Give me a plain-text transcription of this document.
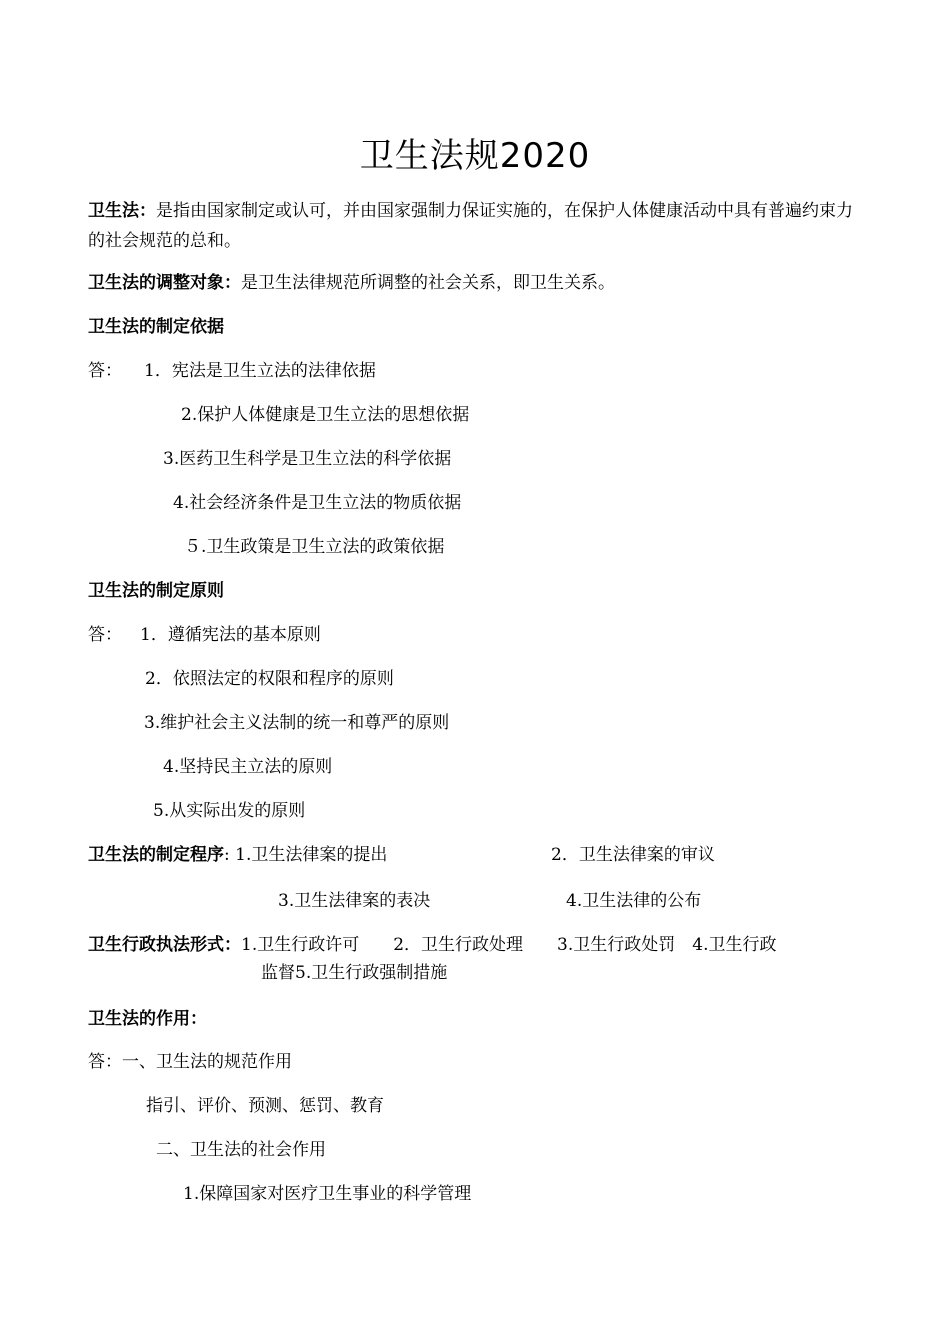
卫生法规2020
卫生法：是指由国家制定或认可，并由国家强制力保证实施的，在保护人体健康活动中具有普遍约束力的社会规范的总和。
卫生法的调整对象：是卫生法律规范所调整的社会关系，即卫生关系。
卫生法的制定依据
答： 1．宪法是卫生立法的法律依据
2.保护人体健康是卫生立法的思想依据
3.医药卫生科学是卫生立法的科学依据
4.社会经济条件是卫生立法的物质依据
５.卫生政策是卫生立法的政策依据
卫生法的制定原则
答： 1．遵循宪法的基本原则
2．依照法定的权限和程序的原则
3.维护社会主义法制的统一和尊严的原则
4.坚持民主立法的原则
5.从实际出发的原则
卫生法的制定程序: 1.卫生法律案的提出	2．卫生法律案的审议
3.卫生法律案的表决	4.卫生法律的公布
卫生行政执法形式：1.卫生行政许可　　2．卫生行政处理　　3.卫生行政处罚　4.卫生行政
监督5.卫生行政强制措施
卫生法的作用：
答：一、卫生法的规范作用
指引、评价、预测、惩罚、教育
二、卫生法的社会作用
1.保障国家对医疗卫生事业的科学管理
